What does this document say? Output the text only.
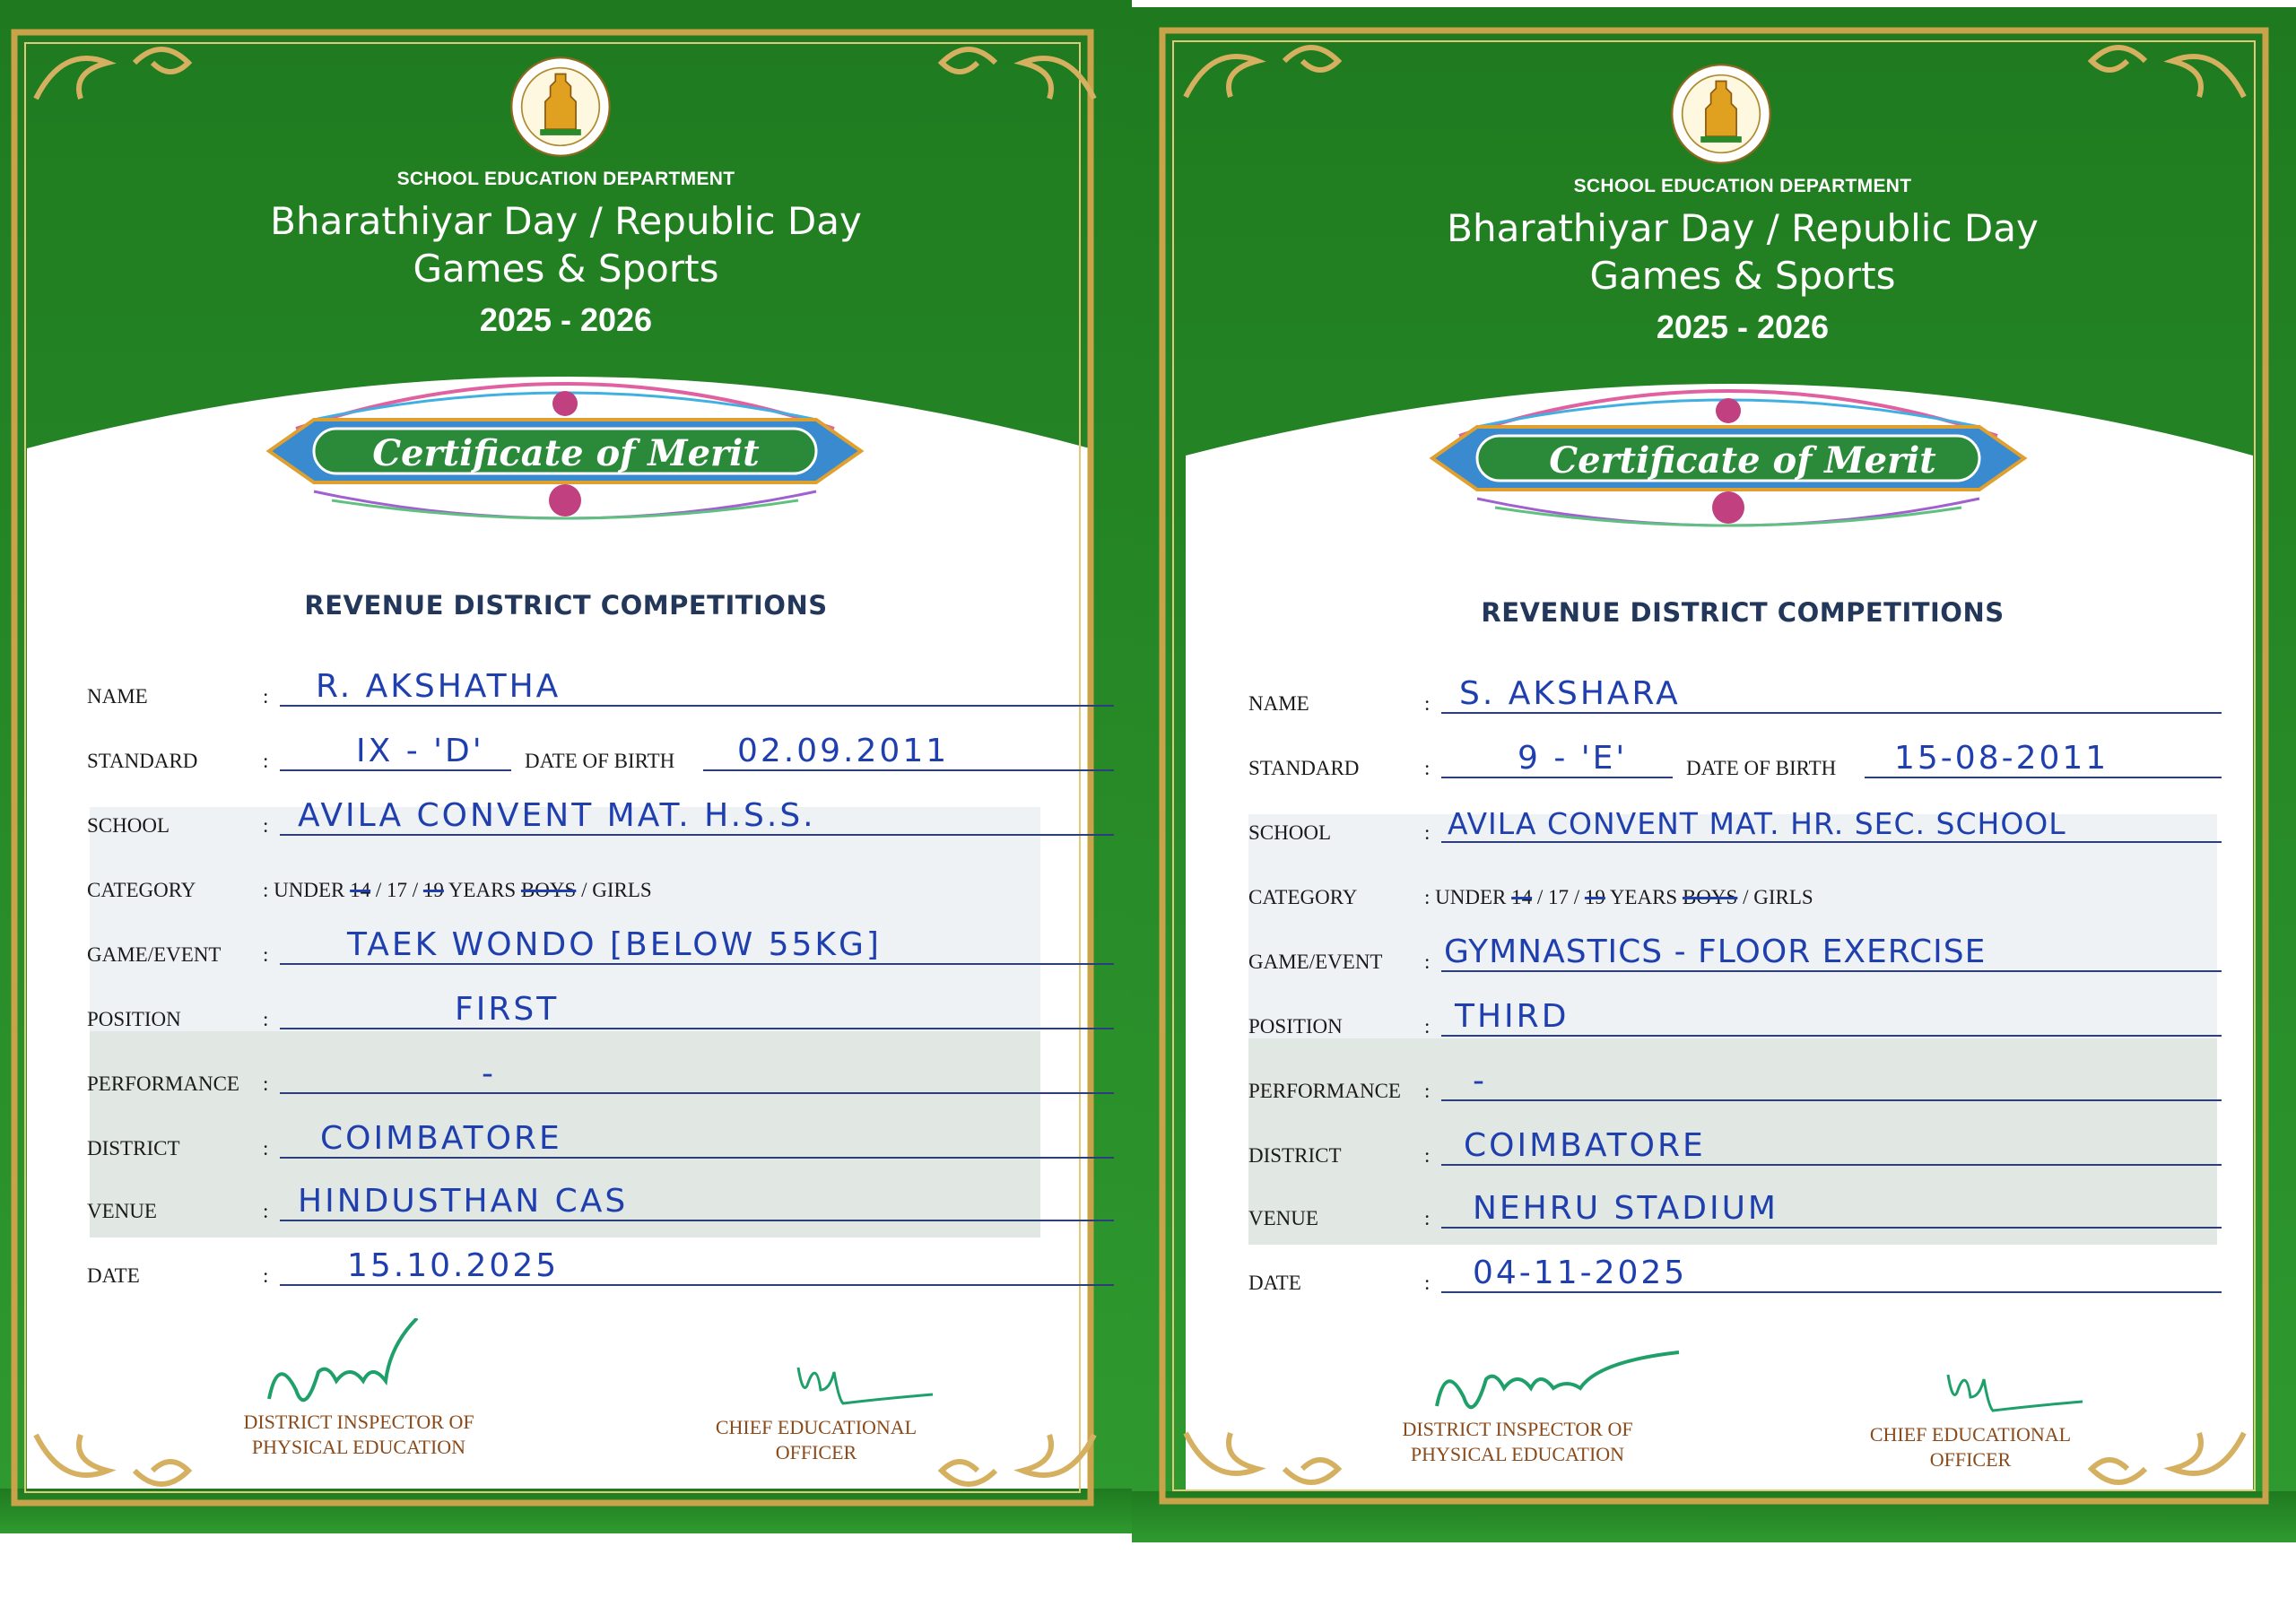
SCHOOL EDUCATION DEPARTMENT
Bharathiyar Day / Republic Day
Games & Sports
2025 - 2026
Certificate of Merit
REVENUE DISTRICT COMPETITIONS
NAME	: R. AKSHATHA
STANDARD	:	IX - 'D' DATE OF BIRTH 02.09.2011
SCHOOL	: AVILA CONVENT MAT. H.S.S.
CATEGORY	: UNDER 14 / 17 / 19 YEARS BOYS / GIRLS
GAME/EVENT : TAEK WONDO [BELOW 55KG]
POSITION	:	FIRST
PERFORMANCE :	-
DISTRICT	: COIMBATORE
VENUE	: HINDUSTHAN CAS
DATE	: 15.10.2025
DISTRICT INSPECTOR OF
PHYSICAL EDUCATION
CHIEF EDUCATIONAL
OFFICER
SCHOOL EDUCATION DEPARTMENT
Bharathiyar Day / Republic Day
Games & Sports
2025 - 2026
Certificate of Merit
REVENUE DISTRICT COMPETITIONS
NAME	: S. AKSHARA
STANDARD	:	9 - 'E'	DATE OF BIRTH 15-08-2011
SCHOOL	: AVILA CONVENT MAT. HR. SEC. SCHOOL
CATEGORY	: UNDER 14 / 17 / 19 YEARS BOYS / GIRLS
GAME/EVENT : GYMNASTICS - FLOOR EXERCISE
POSITION	: THIRD
PERFORMANCE : -
DISTRICT	: COIMBATORE
VENUE	: NEHRU STADIUM
DATE	: 04-11-2025
DISTRICT INSPECTOR OF
PHYSICAL EDUCATION
CHIEF EDUCATIONAL
OFFICER
